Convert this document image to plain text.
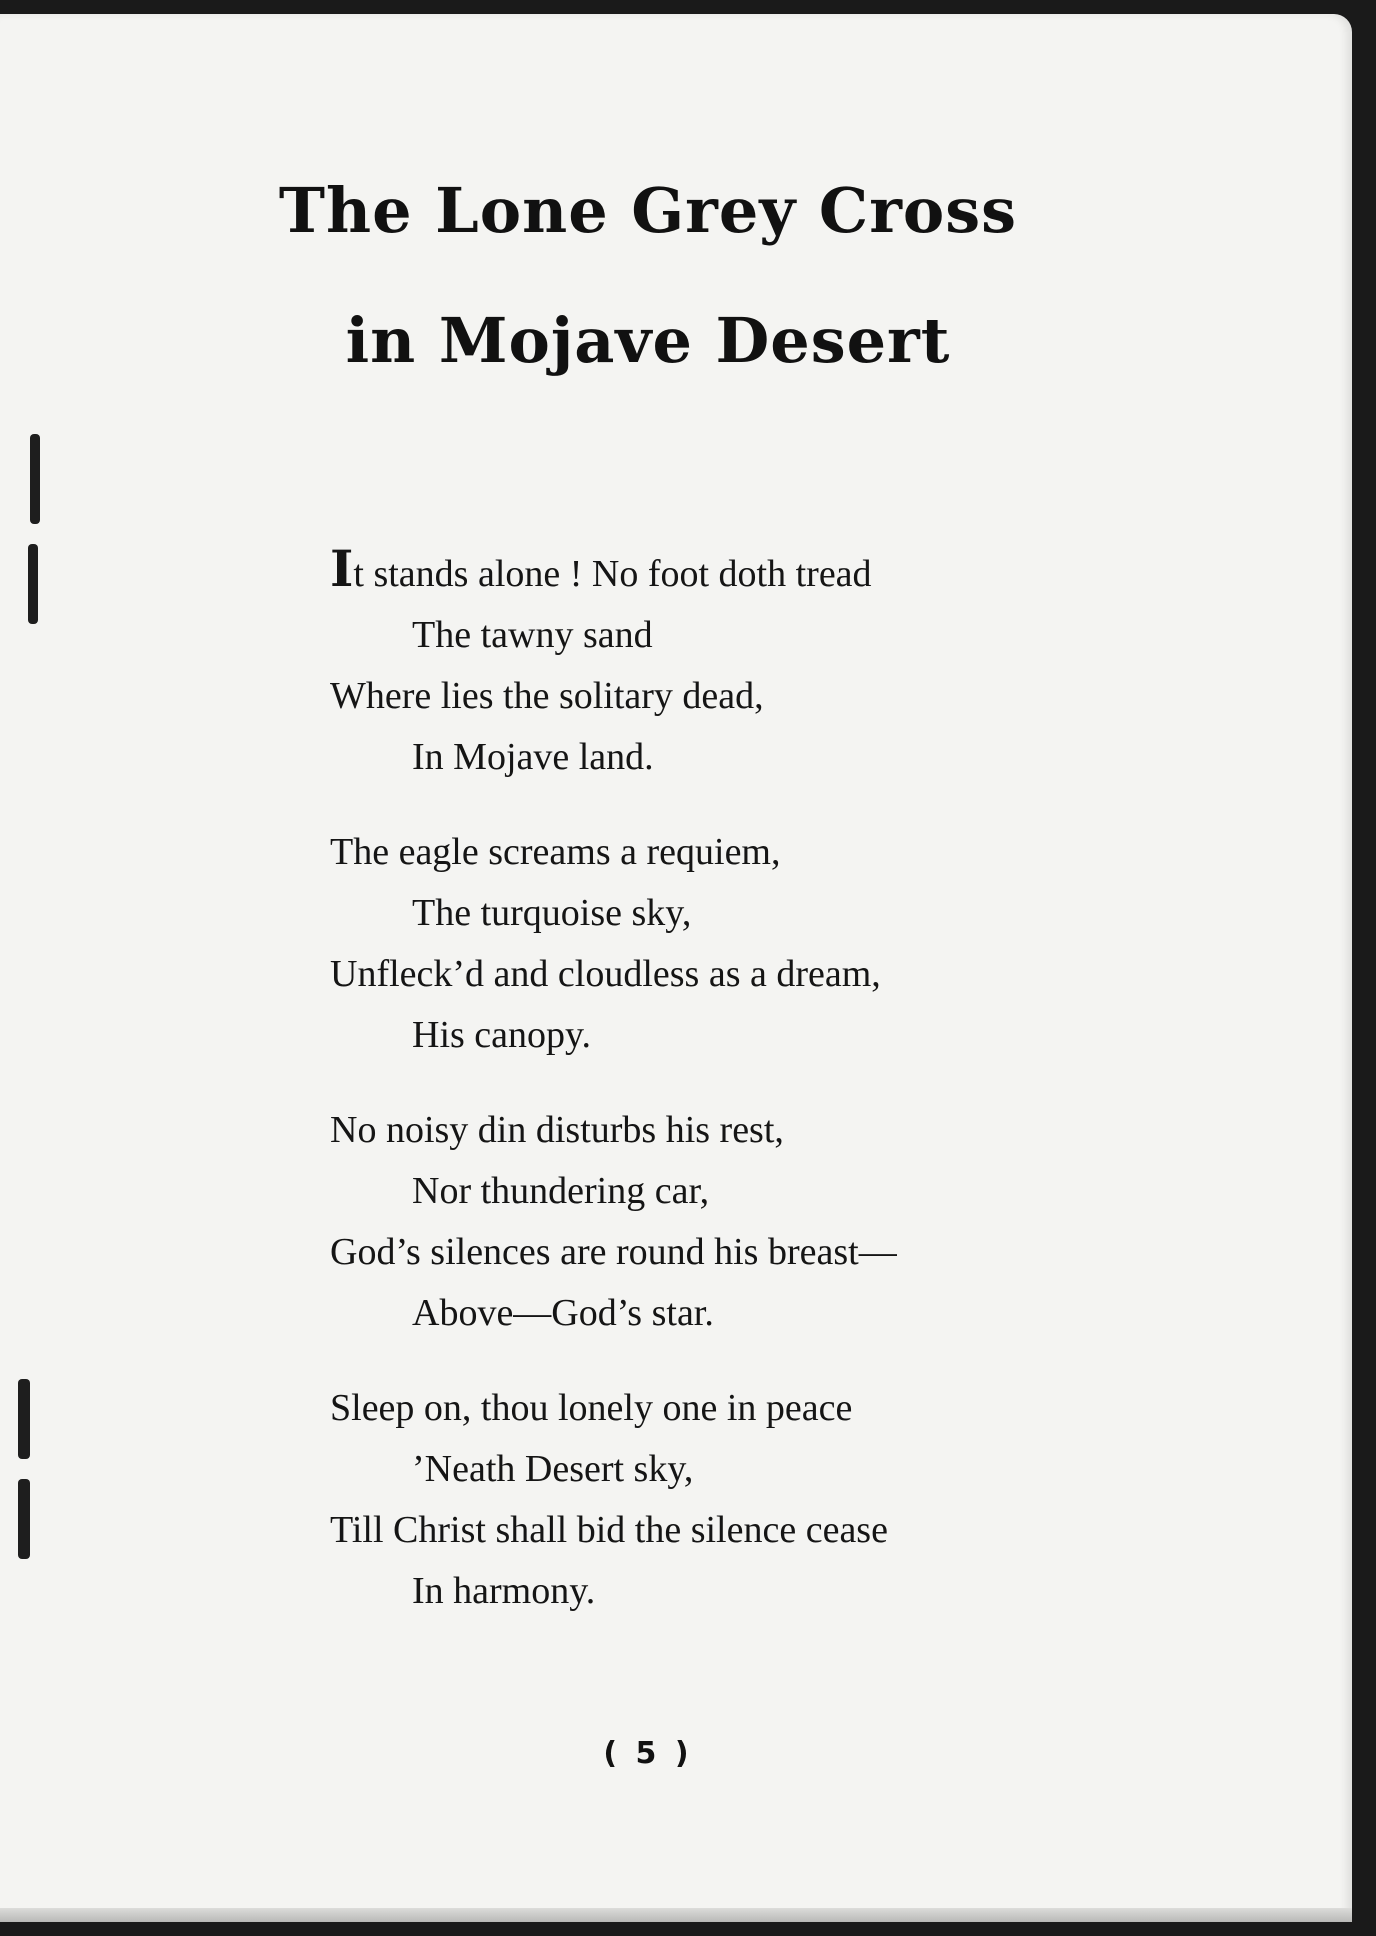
The Lone Grey Cross
in Mojave Desert
It stands alone ! No foot doth tread
The tawny sand
Where lies the solitary dead,
In Mojave land.
The eagle screams a requiem,
The turquoise sky,
Unfleck’d and cloudless as a dream,
His canopy.
No noisy din disturbs his rest,
Nor thundering car,
God’s silences are round his breast—
Above—God’s star.
Sleep on, thou lonely one in peace
’Neath Desert sky,
Till Christ shall bid the silence cease
In harmony.
( 5 )
